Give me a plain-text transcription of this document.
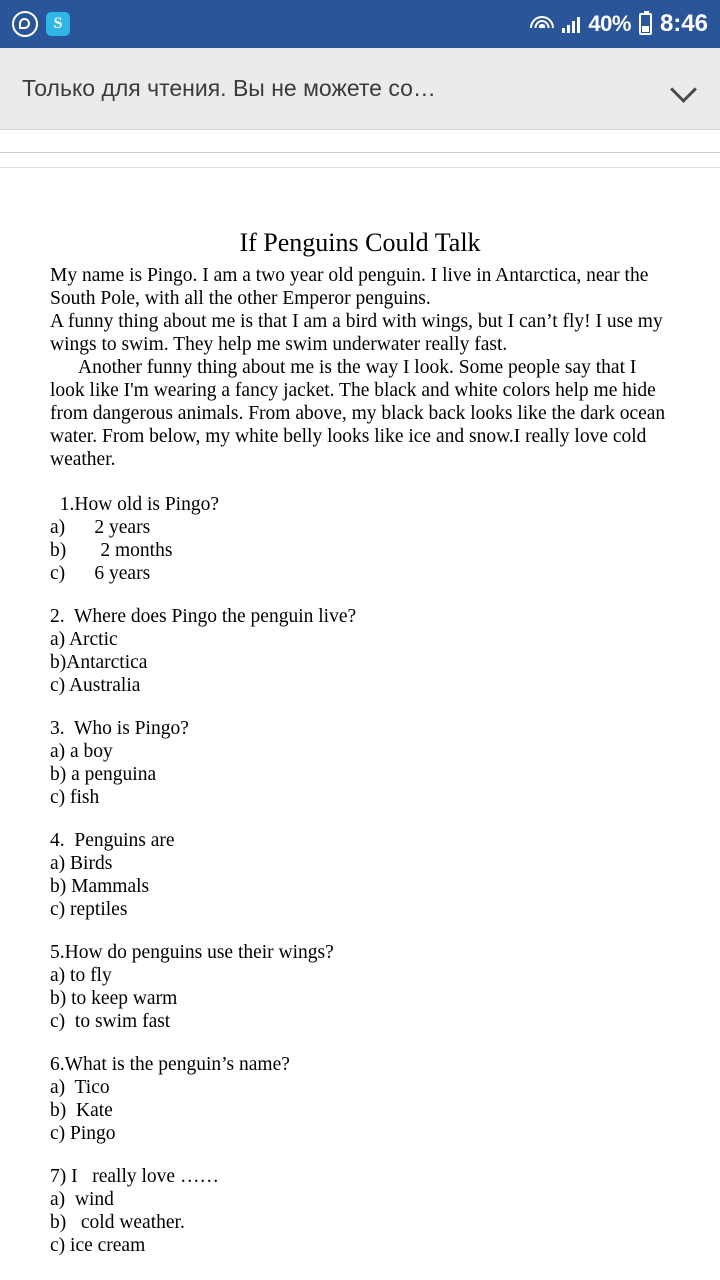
S	40% 8:46
Только для чтения. Вы не можете со…
If Penguins Could Talk

My name is Pingo. I am a two year old penguin. I live in Antarctica, near the South Pole, with all the other Emperor penguins.

A funny thing about me is that I am a bird with wings, but I can’t fly! I use my wings to swim. They help me swim underwater really fast.

Another funny thing about me is the way I look. Some people say that I look like I'm wearing a fancy jacket. The black and white colors help me hide from dangerous animals. From above, my black back looks like the dark ocean water. From below, my white belly looks like ice and snow.I really love cold weather.

1.How old is Pingo?
a)      2 years
b)       2 months
c)      6 years
2.  Where does Pingo the penguin live?
a) Arctic
b)Antarctica
c) Australia
3.  Who is Pingo?
a) a boy
b) a penguina
c) fish
4.  Penguins are
a) Birds
b) Mammals
c) reptiles
5.How do penguins use their wings?
a) to fly
b) to keep warm
c)  to swim fast
6.What is the penguin’s name?
a)  Tico
b)  Kate
c) Pingo
7) I   really love ……
a)  wind
b)   cold weather.
c) ice cream
